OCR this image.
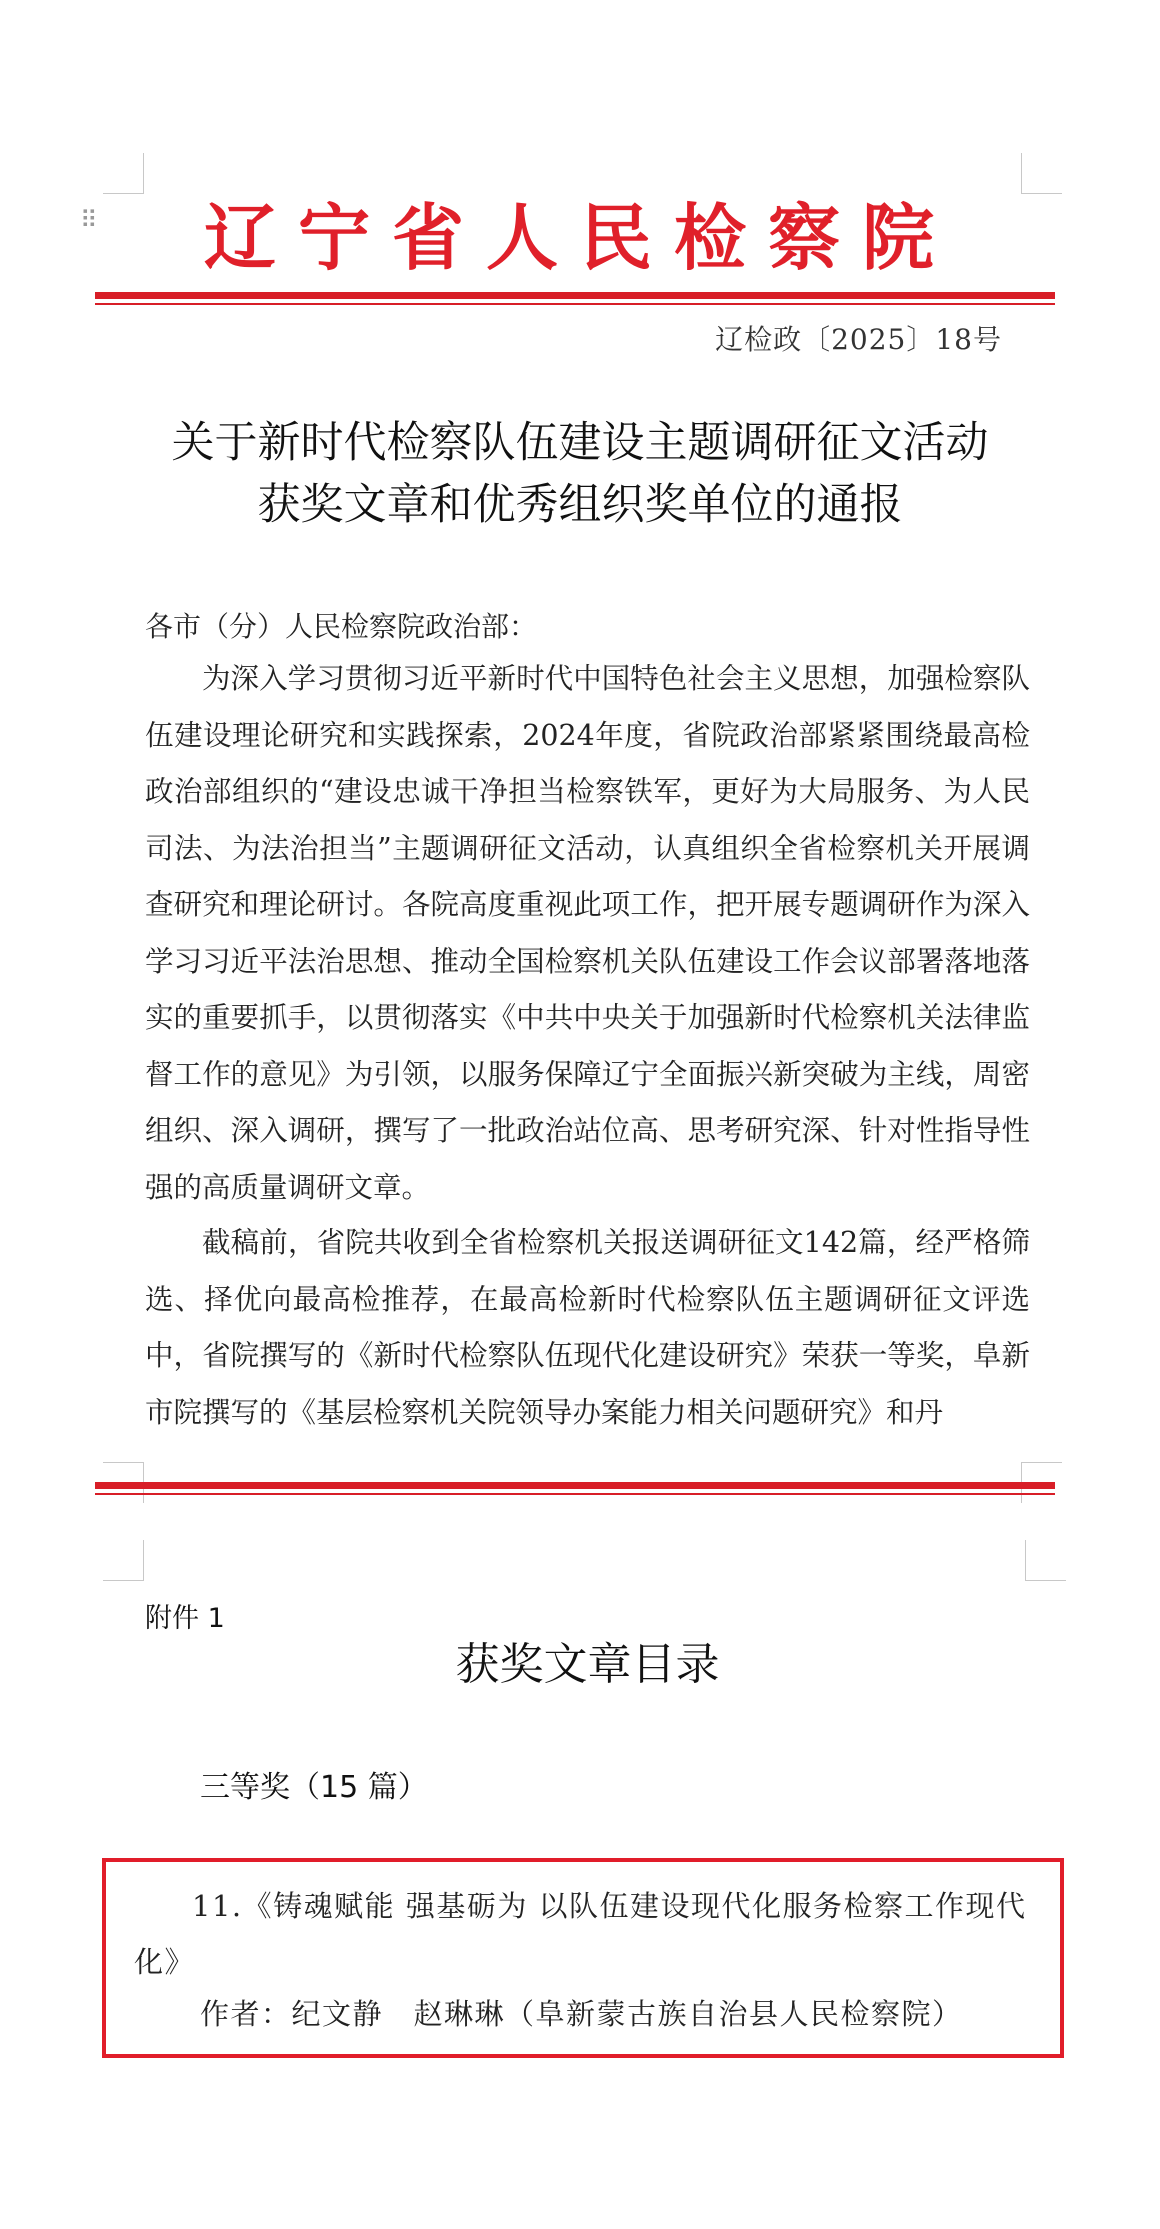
⠿	辽宁省人民检察院
辽检政〔2025〕18号
关于新时代检察队伍建设主题调研征文活动
获奖文章和优秀组织奖单位的通报
各市（分）人民检察院政治部：

为深入学习贯彻习近平新时代中国特色社会主义思想，加强检察队伍建设理论研究和实践探索，2024年度，省院政治部紧紧围绕最高检政治部组织的“建设忠诚干净担当检察铁军，更好为大局服务、为人民司法、为法治担当”主题调研征文活动，认真组织全省检察机关开展调查研究和理论研讨。各院高度重视此项工作，把开展专题调研作为深入学习习近平法治思想、推动全国检察机关队伍建设工作会议部署落地落实的重要抓手，以贯彻落实《中共中央关于加强新时代检察机关法律监督工作的意见》为引领，以服务保障辽宁全面振兴新突破为主线，周密组织、深入调研，撰写了一批政治站位高、思考研究深、针对性指导性强的高质量调研文章。

截稿前，省院共收到全省检察机关报送调研征文142篇，经严格筛选、择优向最高检推荐，在最高检新时代检察队伍主题调研征文评选中，省院撰写的《新时代检察队伍现代化建设研究》荣获一等奖，阜新市院撰写的《基层检察机关院领导办案能力相关问题研究》和丹

附件 1
获奖文章目录
三等奖（15 篇）

11.《铸魂赋能 强基砺为 以队伍建设现代化服务检察工作现代化》

作者：纪文静　赵琳琳（阜新蒙古族自治县人民检察院）
